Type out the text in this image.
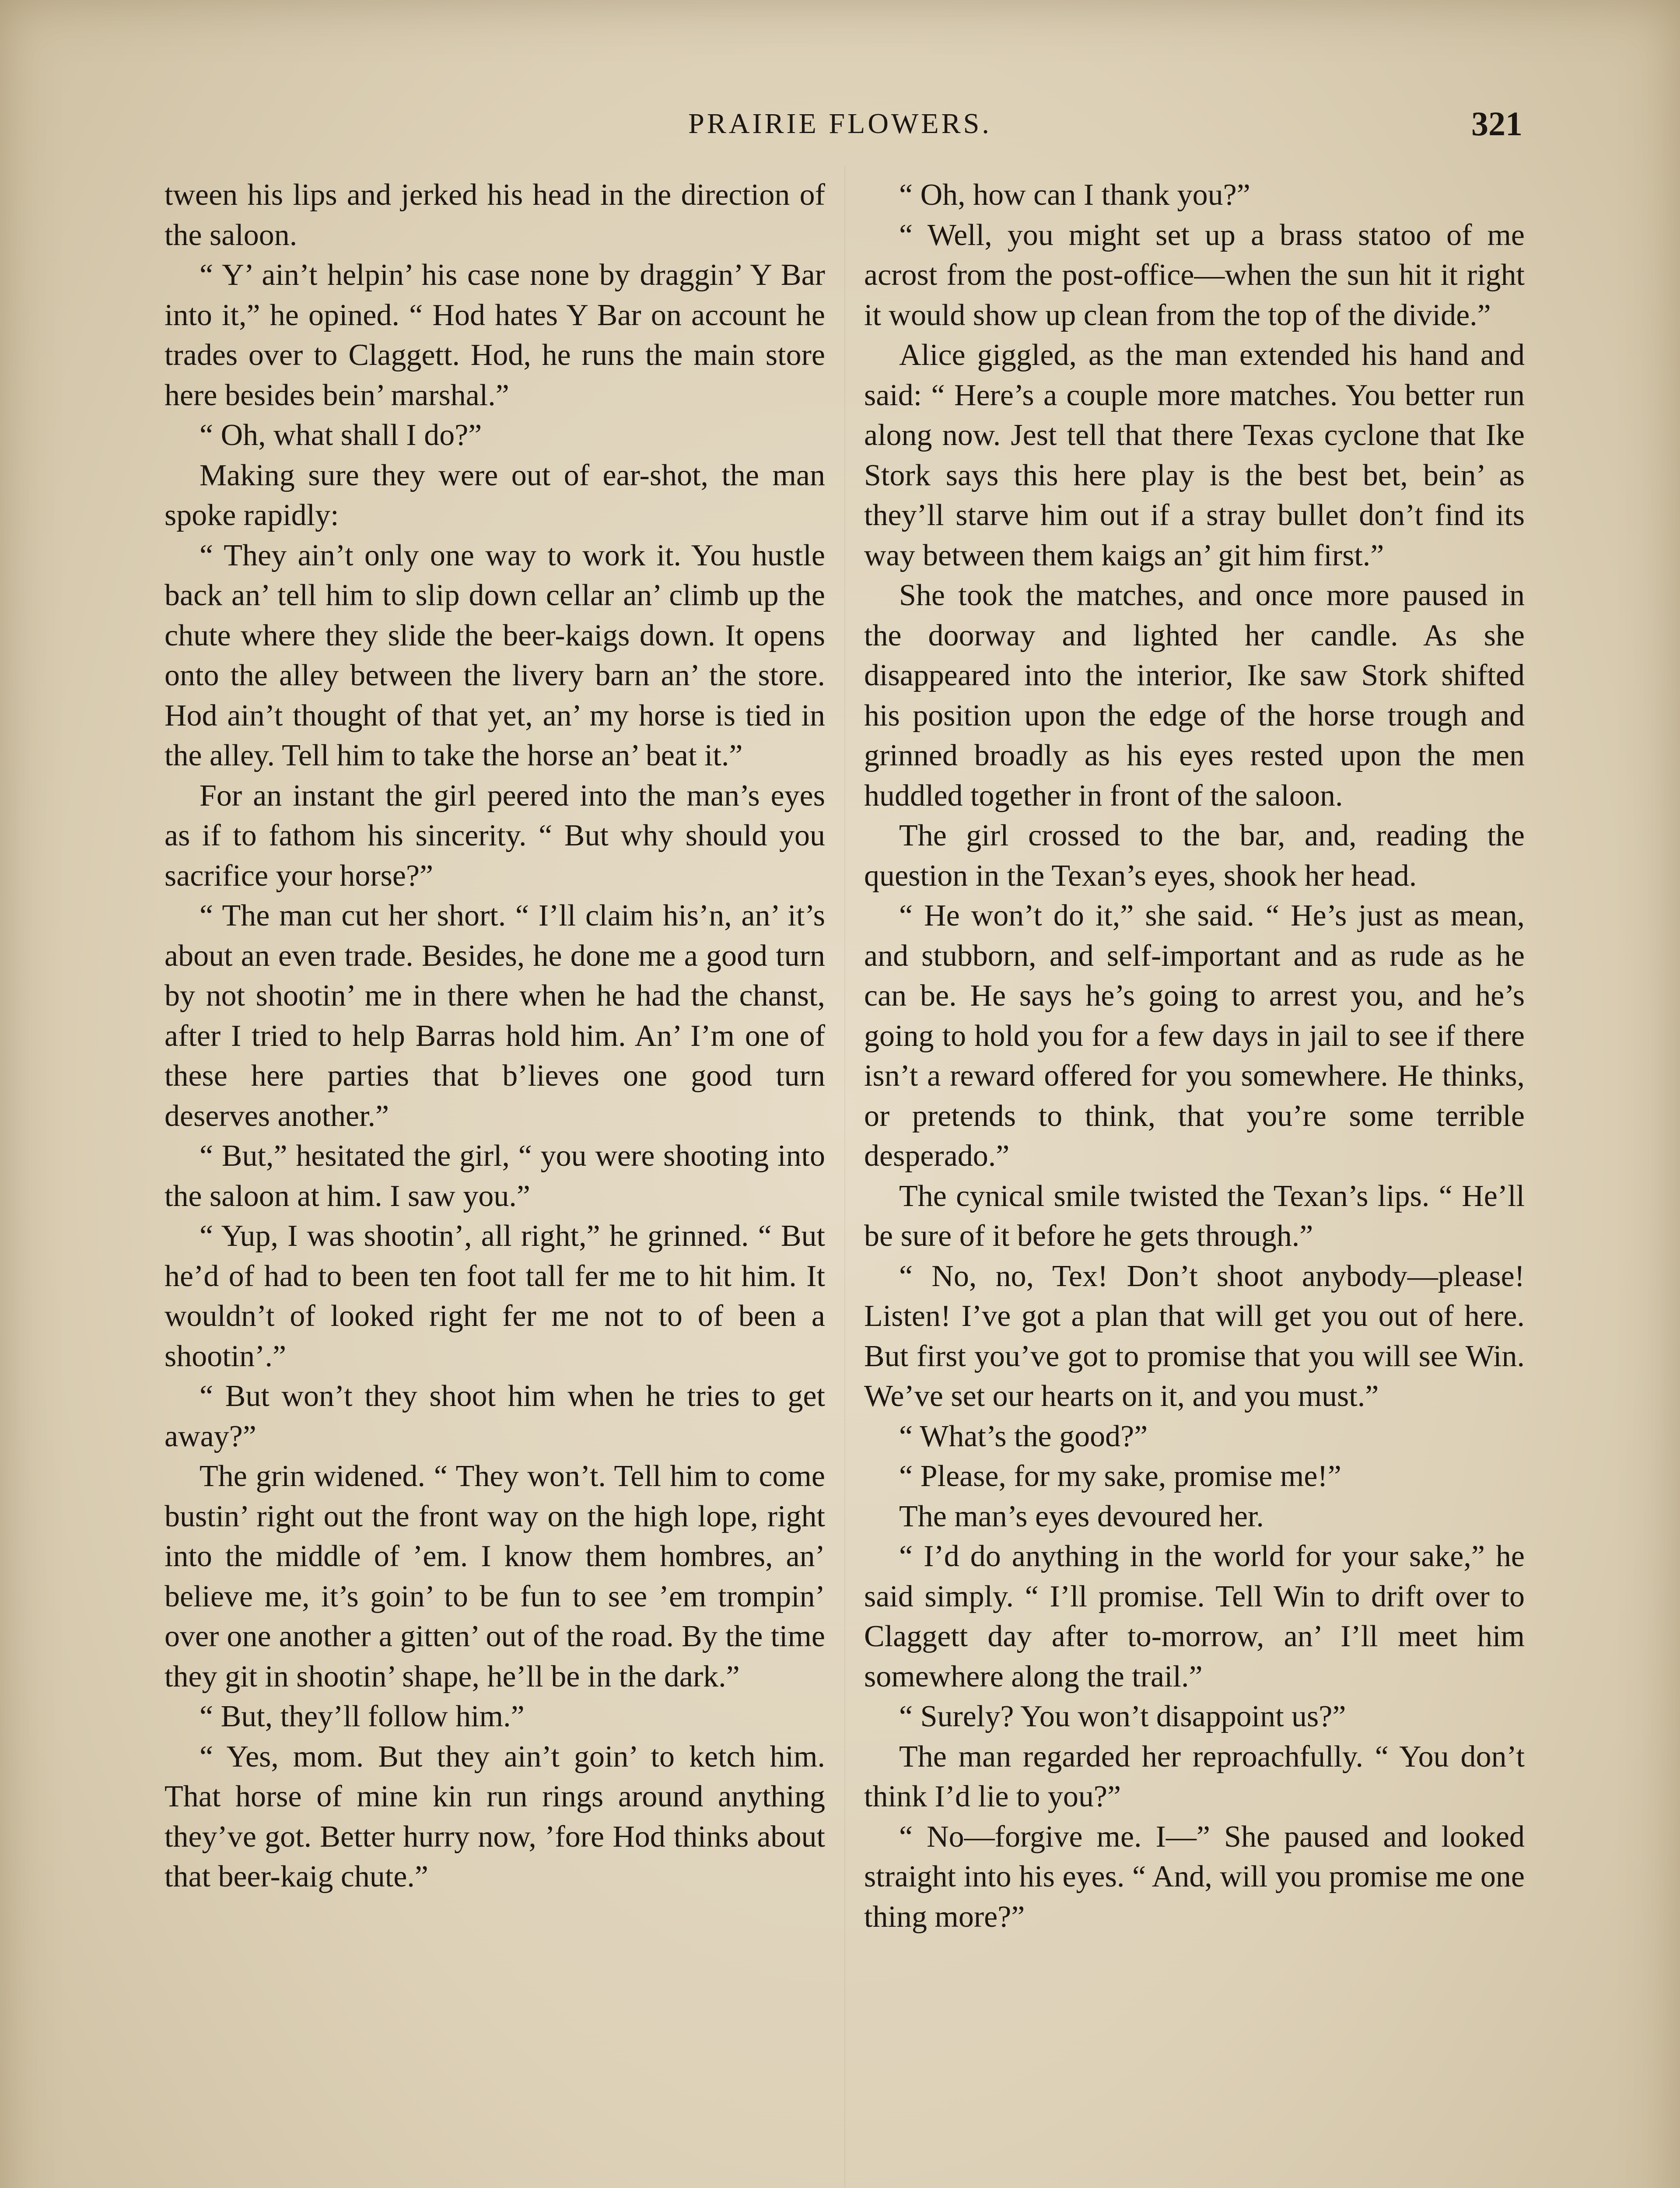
PRAIRIE FLOWERS.	321

tween his lips and jerked his head in the direction of the saloon.

“ Y’ ain’t helpin’ his case none by draggin’ Y Bar into it,” he opined. “ Hod hates Y Bar on account he trades over to Claggett. Hod, he runs the main store here besides bein’ marshal.”

“ Oh, what shall I do?”

Making sure they were out of ear-shot, the man spoke rapidly:

“ They ain’t only one way to work it. You hustle back an’ tell him to slip down cellar an’ climb up the chute where they slide the beer-kaigs down. It opens onto the alley between the livery barn an’ the store. Hod ain’t thought of that yet, an’ my horse is tied in the alley. Tell him to take the horse an’ beat it.”

For an instant the girl peered into the man’s eyes as if to fathom his sincerity. “ But why should you sacrifice your horse?”

“ The man cut her short. “ I’ll claim his’n, an’ it’s about an even trade. Besides, he done me a good turn by not shootin’ me in there when he had the chanst, after I tried to help Barras hold him. An’ I’m one of these here parties that b’lieves one good turn deserves another.”

“ But,” hesitated the girl, “ you were shooting into the saloon at him. I saw you.”

“ Yup, I was shootin’, all right,” he grinned. “ But he’d of had to been ten foot tall fer me to hit him. It wouldn’t of looked right fer me not to of been a shootin’.”

“ But won’t they shoot him when he tries to get away?”

The grin widened. “ They won’t. Tell him to come bustin’ right out the front way on the high lope, right into the middle of ’em. I know them hombres, an’ believe me, it’s goin’ to be fun to see ’em trompin’ over one another a gitten’ out of the road. By the time they git in shootin’ shape, he’ll be in the dark.”

“ But, they’ll follow him.”

“ Yes, mom. But they ain’t goin’ to ketch him. That horse of mine kin run rings around anything they’ve got. Better hurry now, ’fore Hod thinks about that beer-kaig chute.”

“ Oh, how can I thank you?”

“ Well, you might set up a brass statoo of me acrost from the post-office—when the sun hit it right it would show up clean from the top of the divide.”

Alice giggled, as the man extended his hand and said: “ Here’s a couple more matches. You better run along now. Jest tell that there Texas cyclone that Ike Stork says this here play is the best bet, bein’ as they’ll starve him out if a stray bullet don’t find its way between them kaigs an’ git him first.”

She took the matches, and once more paused in the doorway and lighted her candle. As she disappeared into the interior, Ike saw Stork shifted his position upon the edge of the horse trough and grinned broadly as his eyes rested upon the men huddled together in front of the saloon.

The girl crossed to the bar, and, reading the question in the Texan’s eyes, shook her head.

“ He won’t do it,” she said. “ He’s just as mean, and stubborn, and self-important and as rude as he can be. He says he’s going to arrest you, and he’s going to hold you for a few days in jail to see if there isn’t a reward offered for you somewhere. He thinks, or pretends to think, that you’re some terrible desperado.”

The cynical smile twisted the Texan’s lips. “ He’ll be sure of it before he gets through.”

“ No, no, Tex! Don’t shoot anybody—please! Listen! I’ve got a plan that will get you out of here. But first you’ve got to promise that you will see Win. We’ve set our hearts on it, and you must.”

“ What’s the good?”

“ Please, for my sake, promise me!”

The man’s eyes devoured her.

“ I’d do anything in the world for your sake,” he said simply. “ I’ll promise. Tell Win to drift over to Claggett day after to-morrow, an’ I’ll meet him somewhere along the trail.”

“ Surely? You won’t disappoint us?”

The man regarded her reproachfully. “ You don’t think I’d lie to you?”

“ No—forgive me. I—” She paused and looked straight into his eyes. “ And, will you promise me one thing more?”
